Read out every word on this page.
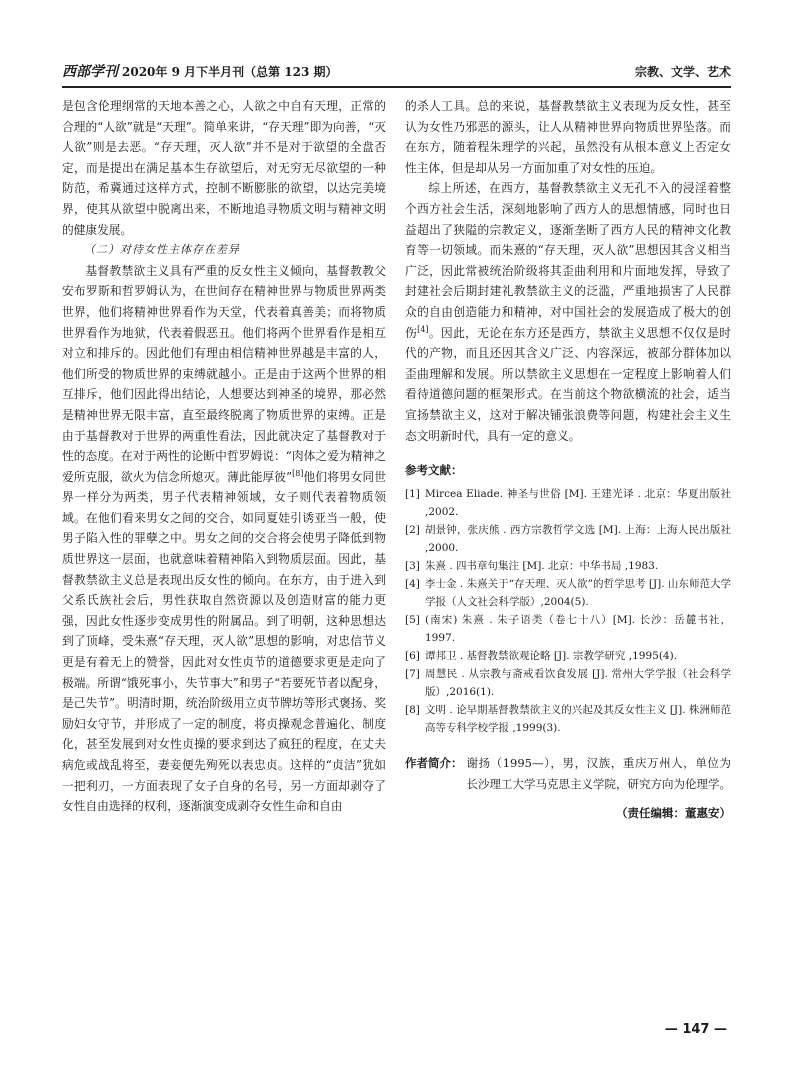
西部学刊 2020年 9 月下半月刊（总第 123 期）	宗教、文学、艺术

是包含伦理纲常的天地本善之心，人欲之中自有天理，正常的合理的“人欲”就是“天理”。简单来讲，“存天理”即为向善，“灭人欲”则是去恶。“存天理，灭人欲”并不是对于欲望的全盘否定，而是提出在满足基本生存欲望后，对无穷无尽欲望的一种防范，希冀通过这样方式，控制不断膨胀的欲望，以达完美境界，使其从欲望中脱离出来，不断地追寻物质文明与精神文明的健康发展。

（二）对待女性主体存在差异

基督教禁欲主义具有严重的反女性主义倾向，基督教教父安布罗斯和哲罗姆认为，在世间存在精神世界与物质世界两类世界，他们将精神世界看作为天堂，代表着真善美；而将物质世界看作为地狱，代表着假恶丑。他们将两个世界看作是相互对立和排斥的。因此他们有理由相信精神世界越是丰富的人，他们所受的物质世界的束缚就越小。正是由于这两个世界的相互排斥，他们因此得出结论，人想要达到神圣的境界，那必然是精神世界无限丰富，直至最终脱离了物质世界的束缚。正是由于基督教对于世界的两重性看法，因此就决定了基督教对于性的态度。在对于两性的论断中哲罗姆说：“肉体之爱为精神之爱所克服，欲火为信念所熄灭。薄此能厚彼”[8]他们将男女同世界一样分为两类，男子代表精神领域，女子则代表着物质领域。在他们看来男女之间的交合，如同夏娃引诱亚当一般，使男子陷入性的罪孽之中。男女之间的交合将会使男子降低到物质世界这一层面，也就意味着精神陷入到物质层面。因此，基督教禁欲主义总是表现出反女性的倾向。在东方，由于进入到父系氏族社会后，男性获取自然资源以及创造财富的能力更强，因此女性逐步变成男性的附属品。到了明朝，这种思想达到了顶峰，受朱熹“存天理，灭人欲”思想的影响，对忠信节义更是有着无上的赞誉，因此对女性贞节的道德要求更是走向了极端。所谓“饿死事小，失节事大”和男子“若要死节者以配身，是己失节”。明清时期，统治阶级用立贞节牌坊等形式褒扬、奖励妇女守节，并形成了一定的制度，将贞操观念普遍化、制度化，甚至发展到对女性贞操的要求到达了疯狂的程度，在丈夫病危或战乱将至，妻妾便先殉死以表忠贞。这样的“贞洁”犹如一把利刃，一方面表现了女子自身的名号，另一方面却剥夺了女性自由选择的权利，逐渐演变成剥夺女性生命和自由

的杀人工具。总的来说，基督教禁欲主义表现为反女性，甚至认为女性乃邪恶的源头，让人从精神世界向物质世界坠落。而在东方，随着程朱理学的兴起，虽然没有从根本意义上否定女性主体，但是却从另一方面加重了对女性的压迫。

综上所述，在西方，基督教禁欲主义无孔不入的浸淫着整个西方社会生活，深刻地影响了西方人的思想情感，同时也日益超出了狭隘的宗教定义，逐渐垄断了西方人民的精神文化教育等一切领域。而朱熹的“存天理，灭人欲”思想因其含义相当广泛，因此常被统治阶级将其歪曲利用和片面地发挥，导致了封建社会后期封建礼教禁欲主义的泛滥，严重地损害了人民群众的自由创造能力和精神，对中国社会的发展造成了极大的创伤[4]。因此，无论在东方还是西方，禁欲主义思想不仅仅是时代的产物，而且还因其含义广泛、内容深远，被部分群体加以歪曲理解和发展。所以禁欲主义思想在一定程度上影响着人们看待道德问题的框架形式。在当前这个物欲横流的社会，适当宣扬禁欲主义，这对于解决铺张浪费等问题，构建社会主义生态文明新时代，具有一定的意义。

参考文献：
[1] Mircea Eliade. 神圣与世俗 [M]. 王建光译 . 北京：华夏出版社 ,2002.
[2] 胡景钟，张庆熊 . 西方宗教哲学文选 [M]. 上海：上海人民出版社 ,2000.
[3] 朱熹 . 四书章句集注 [M]. 北京：中华书局 ,1983.
[4] 李士金 . 朱熹关于“存天理、灭人欲”的哲学思考 [J]. 山东师范大学学报（人文社会科学版）,2004(5).
[5] (南宋) 朱熹 . 朱子语类（卷七十八）[M]. 长沙：岳麓书社，1997.
[6] 谭邦卫 . 基督教禁欲观论略 [J]. 宗教学研究 ,1995(4).
[7] 周慧民 . 从宗教与斋戒看饮食发展 [J]. 常州大学学报（社会科学版）,2016(1).
[8] 文明 . 论早期基督教禁欲主义的兴起及其反女性主义 [J]. 株洲师范高等专科学校学报 ,1999(3).
作者简介： 谢扬（1995—），男，汉族，重庆万州人，单位为长沙理工大学马克思主义学院，研究方向为伦理学。
（责任编辑：董惠安）
— 147 —
